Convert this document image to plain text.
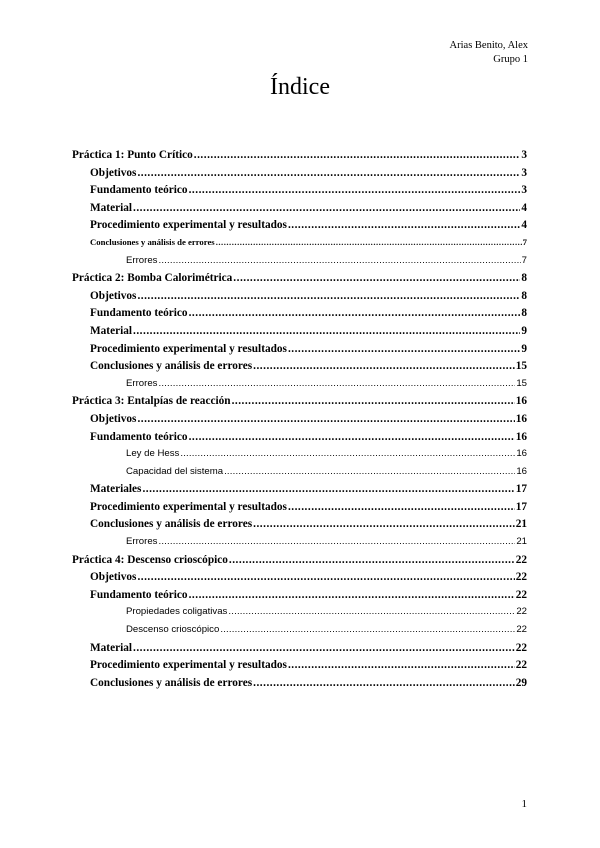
Arias Benito, Alex
Grupo 1
Índice
Práctica 1: Punto Crítico .....	3
Objetivos .....	3
Fundamento teórico .....	3
Material .....	4
Procedimiento experimental y resultados .....	4
Conclusiones y análisis de errores .....	7
Errores .....	7
Práctica 2: Bomba Calorimétrica .....	8
Objetivos .....	8
Fundamento teórico .....	8
Material .....	9
Procedimiento experimental y resultados .....	9
Conclusiones y análisis de errores .....	15
Errores .....	15
Práctica 3: Entalpías de reacción .....	16
Objetivos .....	16
Fundamento teórico .....	16
Ley de Hess .....	16
Capacidad del sistema .....	16
Materiales .....	17
Procedimiento experimental y resultados .....	17
Conclusiones y análisis de errores .....	21
Errores .....	21
Práctica 4: Descenso crioscópico .....	22
Objetivos .....	22
Fundamento teórico .....	22
Propiedades coligativas .....	22
Descenso crioscópico .....	22
Material .....	22
Procedimiento experimental y resultados .....	22
Conclusiones y análisis de errores .....	29
1
